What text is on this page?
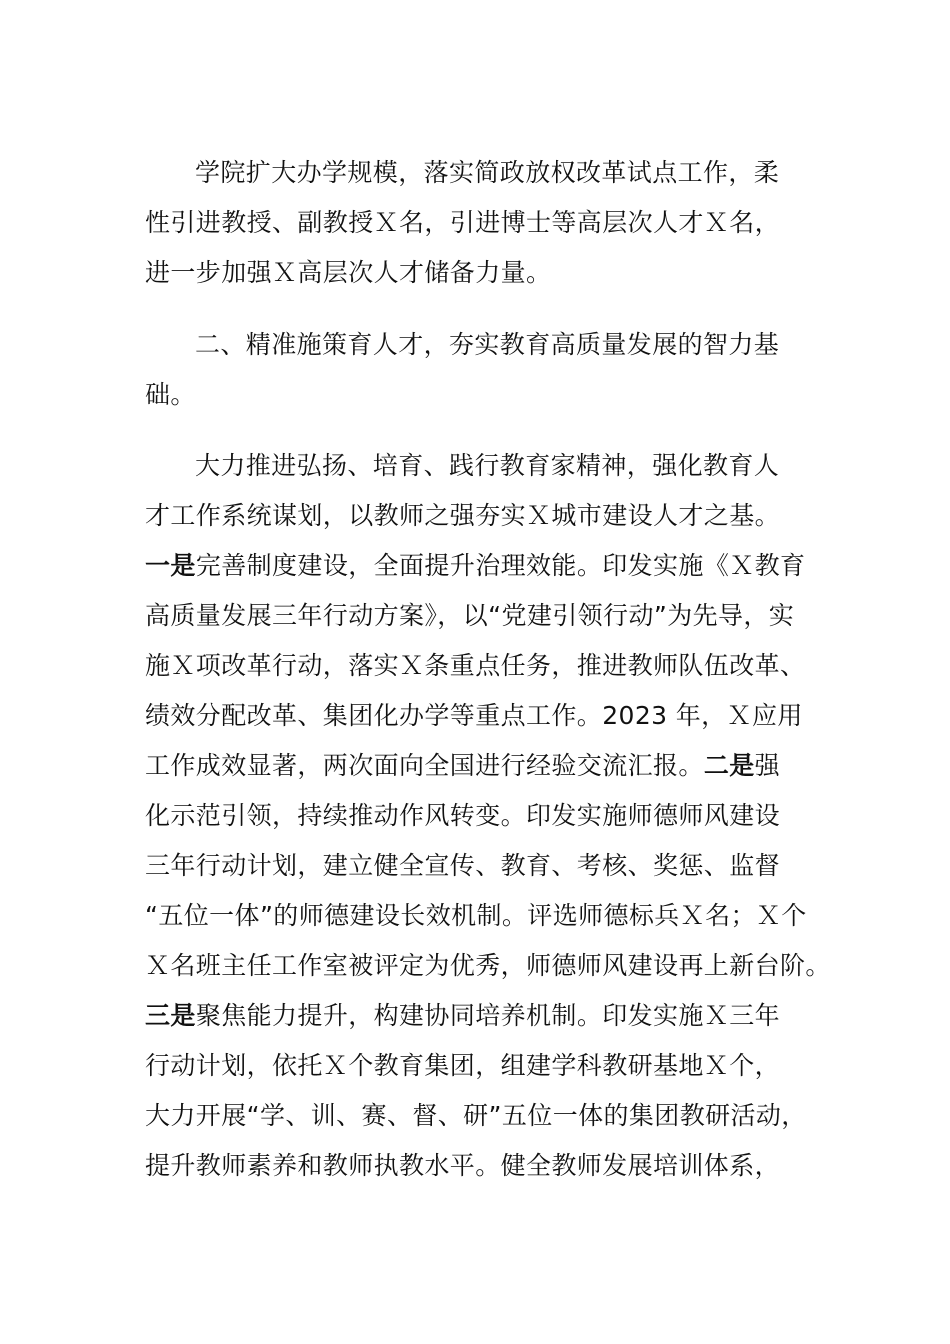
学院扩大办学规模，落实简政放权改革试点工作，柔
性引进教授、副教授Ｘ名，引进博士等高层次人才Ｘ名，
进一步加强Ｘ高层次人才储备力量。
二、精准施策育人才，夯实教育高质量发展的智力基
础。
大力推进弘扬、培育、践行教育家精神，强化教育人
才工作系统谋划，以教师之强夯实Ｘ城市建设人才之基。
一是完善制度建设，全面提升治理效能。印发实施《Ｘ教育
高质量发展三年行动方案》，以“党建引领行动”为先导，实
施Ｘ项改革行动，落实Ｘ条重点任务，推进教师队伍改革、
绩效分配改革、集团化办学等重点工作。2023 年，Ｘ应用
工作成效显著，两次面向全国进行经验交流汇报。二是强
化示范引领，持续推动作风转变。印发实施师德师风建设
三年行动计划，建立健全宣传、教育、考核、奖惩、监督
“五位一体”的师德建设长效机制。评选师德标兵Ｘ名；Ｘ个
Ｘ名班主任工作室被评定为优秀，师德师风建设再上新台阶。
三是聚焦能力提升，构建协同培养机制。印发实施Ｘ三年
行动计划，依托Ｘ个教育集团，组建学科教研基地Ｘ个，
大力开展“学、训、赛、督、研”五位一体的集团教研活动，
提升教师素养和教师执教水平。健全教师发展培训体系，
